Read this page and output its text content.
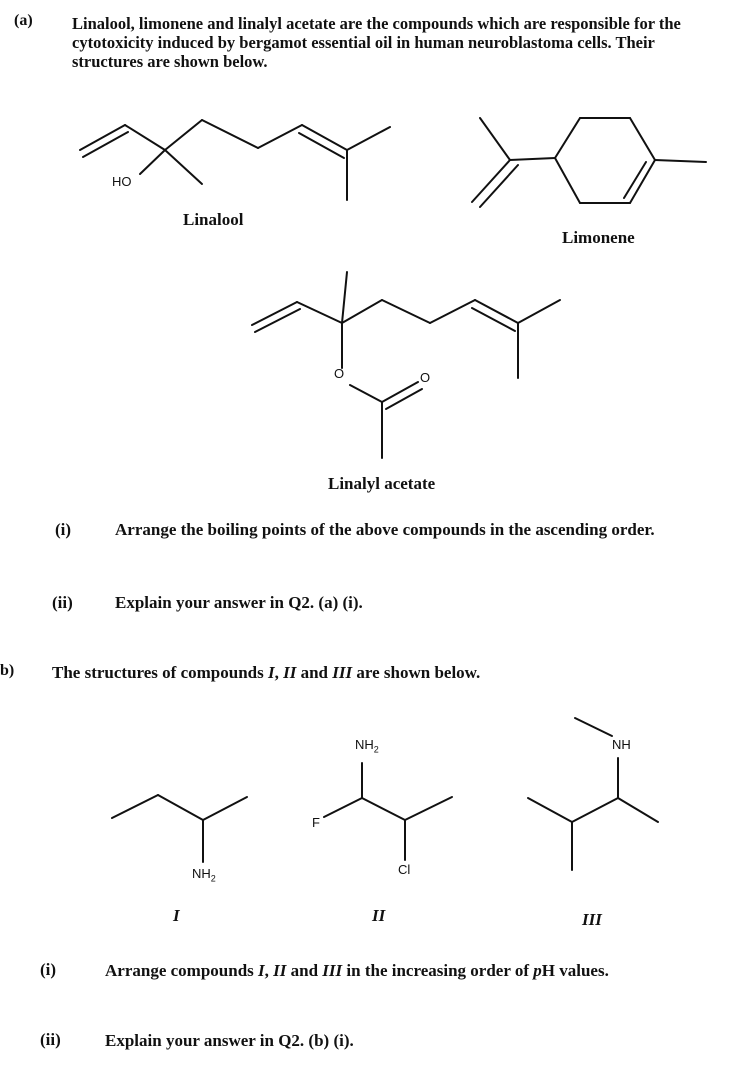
(a) Linalool, limonene and linalyl acetate are the compounds which are responsible for the cytotoxicity induced by bergamot essential oil in human neuroblastoma cells. Their structures are shown below.
HO
Linalool
Limonene
O	O
Linalyl acetate
(i)	Arrange the boiling points of the above compounds in the ascending order.
(ii) Explain your answer in Q2. (a) (i).
b) The structures of compounds I, II and III are shown below.
$NH_2$
$NH_2$
F
Cl
NH
I	II	III
(i)	Arrange compounds I, II and III in the increasing order of pH values.
(ii)	Explain your answer in Q2. (b) (i).
